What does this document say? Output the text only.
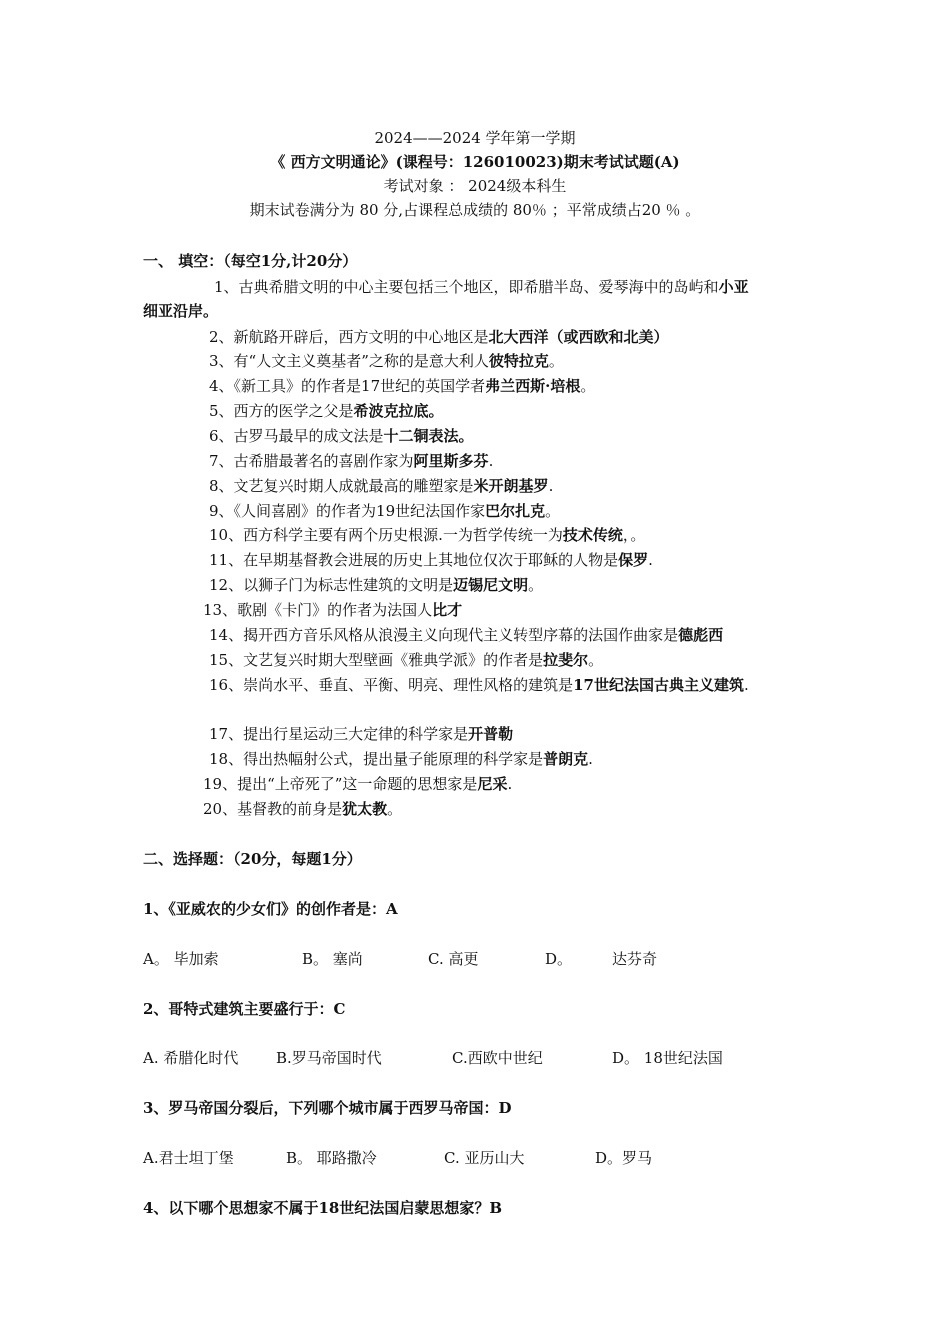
2024——2024 学年第一学期
《 西方文明通论》(课程号：126010023)期末考试试题(A)
考试对象 ： 2024级本科生
期末试卷满分为 80 分,占课程总成绩的 80％ ；平常成绩占20 ％ 。
一、 填空：（每空1分,计20分）
1、古典希腊文明的中心主要包括三个地区，即希腊半岛、爱琴海中的岛屿和小亚
细亚沿岸。
2、新航路开辟后，西方文明的中心地区是北大西洋（或西欧和北美）
3、有“人文主义奠基者”之称的是意大利人彼特拉克。
4、《新工具》的作者是17世纪的英国学者弗兰西斯·培根。
5、西方的医学之父是希波克拉底。
6、古罗马最早的成文法是十二铜表法。
7、古希腊最著名的喜剧作家为阿里斯多芬.
8、文艺复兴时期人成就最高的雕塑家是米开朗基罗.
9、《人间喜剧》的作者为19世纪法国作家巴尔扎克。
10、西方科学主要有两个历史根源.一为哲学传统一为技术传统，。
11、在早期基督教会进展的历史上其地位仅次于耶稣的人物是保罗.
12、以狮子门为标志性建筑的文明是迈锡尼文明。
13、歌剧《卡门》的作者为法国人比才
14、揭开西方音乐风格从浪漫主义向现代主义转型序幕的法国作曲家是德彪西
15、文艺复兴时期大型壁画《雅典学派》的作者是拉斐尔。
16、崇尚水平、垂直、平衡、明亮、理性风格的建筑是17世纪法国古典主义建筑.
17、提出行星运动三大定律的科学家是开普勒
18、得出热幅射公式，提出量子能原理的科学家是普朗克.
19、提出“上帝死了”这一命题的思想家是尼采.
20、基督教的前身是犹太教。
二、选择题：（20分，每题1分）
1、《亚威农的少女们》的创作者是：A
A。 毕加索	B。 塞尚	C. 高更	D。	达芬奇
2、哥特式建筑主要盛行于：C
A. 希腊化时代	B.罗马帝国时代	C.西欧中世纪	D。 18世纪法国
3、罗马帝国分裂后，下列哪个城市属于西罗马帝国：D
A.君士坦丁堡	B。 耶路撒冷	C. 亚历山大	D。罗马
4、以下哪个思想家不属于18世纪法国启蒙思想家？B
